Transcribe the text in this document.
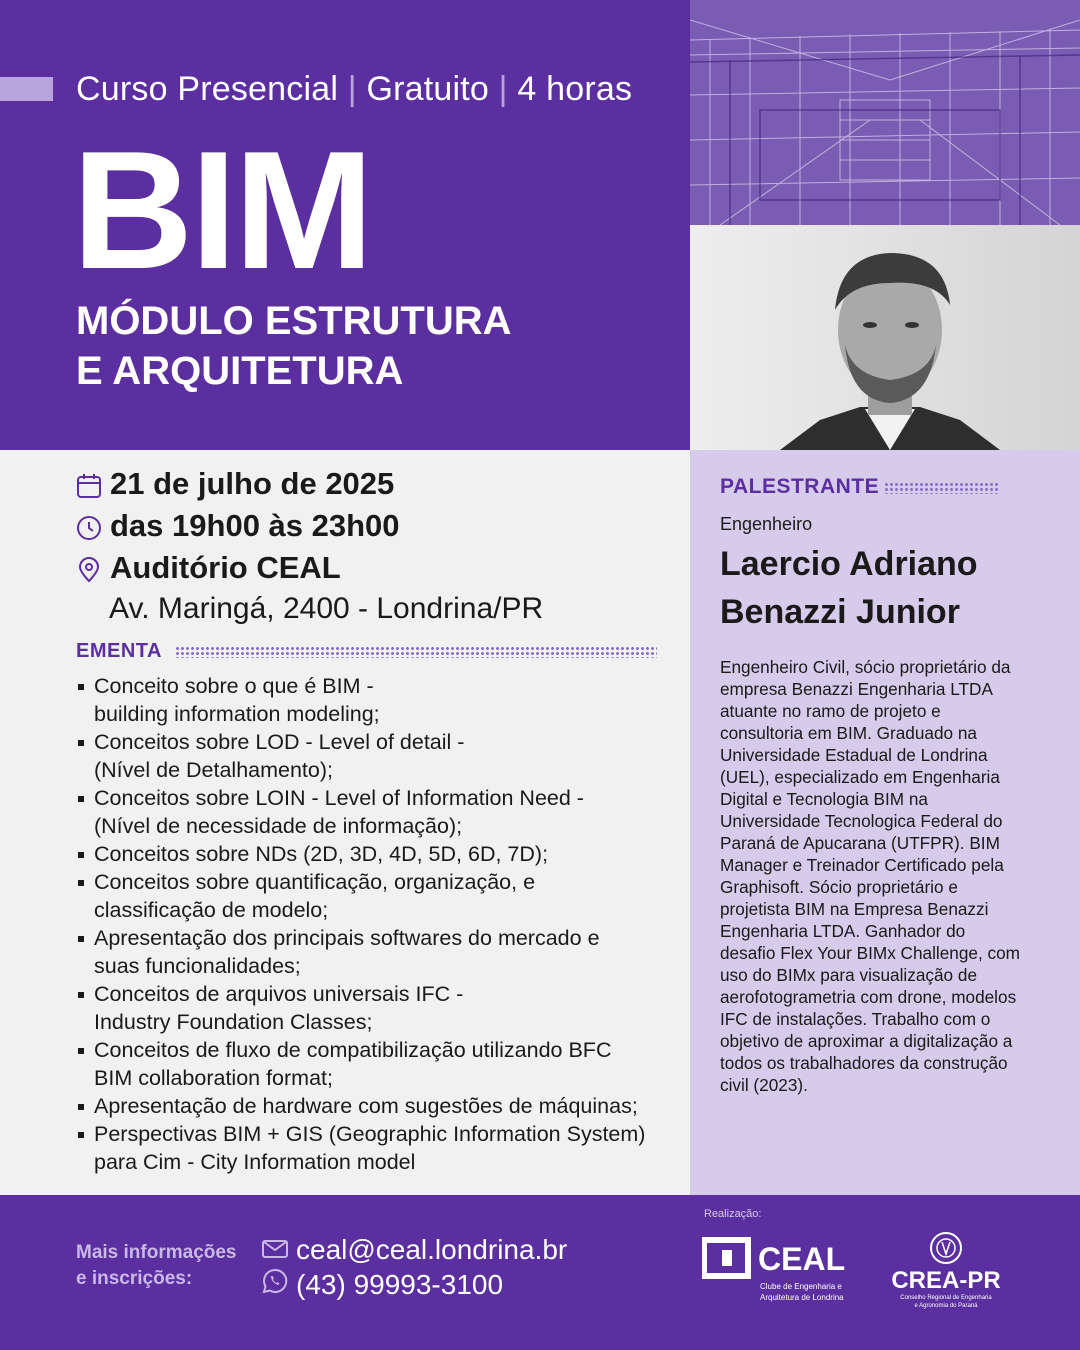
Curso Presencial | Gratuito | 4 horas
BIM
MÓDULO ESTRUTURA
E ARQUITETURA
21 de julho de 2025
das 19h00 às 23h00
Auditório CEAL
Av. Maringá, 2400 - Londrina/PR
EMENTA
Conceito sobre o que é BIM -
building information modeling;
Conceitos sobre LOD - Level of detail -
(Nível de Detalhamento);
Conceitos sobre LOIN - Level of Information Need -
(Nível de necessidade de informação);
Conceitos sobre NDs (2D, 3D, 4D, 5D, 6D, 7D);
Conceitos sobre quantificação, organização, e
classificação de modelo;
Apresentação dos principais softwares do mercado e
suas funcionalidades;
Conceitos de arquivos universais IFC -
Industry Foundation Classes;
Conceitos de fluxo de compatibilização utilizando BFC
BIM collaboration format;
Apresentação de hardware com sugestões de máquinas;
Perspectivas BIM + GIS (Geographic Information System)
para Cim - City Information model
PALESTRANTE
Engenheiro
Laercio Adriano
Benazzi Junior
Engenheiro Civil, sócio proprietário da empresa Benazzi Engenharia LTDA atuante no ramo de projeto e consultoria em BIM. Graduado na Universidade Estadual de Londrina (UEL), especializado em Engenharia Digital e Tecnologia BIM na Universidade Tecnologica Federal do Paraná de Apucarana (UTFPR). BIM Manager e Treinador Certificado pela Graphisoft. Sócio proprietário e projetista BIM na Empresa Benazzi Engenharia LTDA. Ganhador do desafio Flex Your BIMx Challenge, com uso do BIMx para visualização de aerofotogrametria com drone, modelos IFC de instalações. Trabalho com o objetivo de aproximar a digitalização a todos os trabalhadores da construção civil (2023).
Mais informações
e inscrições:
ceal@ceal.londrina.br
(43) 99993-3100
Realização:
CEAL
Clube de Engenharia e
Arquitetura de Londrina
CREA-PR
Conselho Regional de Engenharia
e Agronomia do Paraná
